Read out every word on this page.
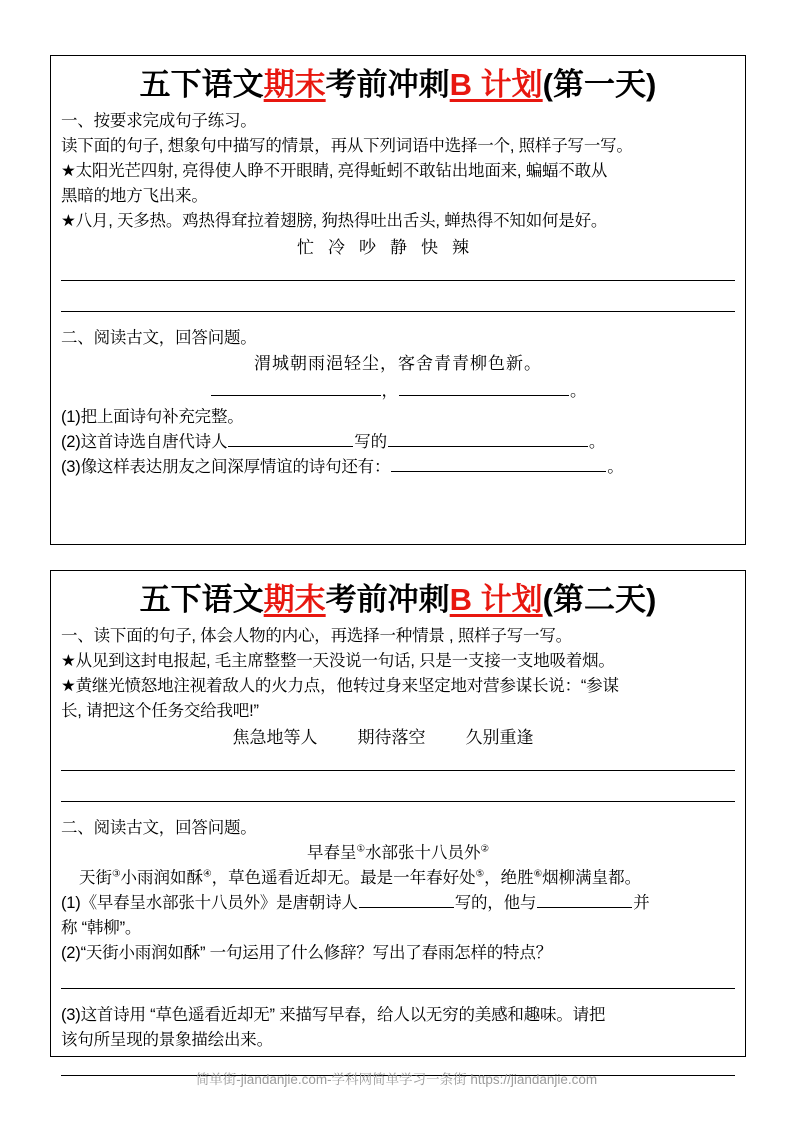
五下语文期末考前冲刺B 计划(第一天)
一、按要求完成句子练习。
读下面的句子, 想象句中描写的情景，再从下列词语中选择一个, 照样子写一写。
★太阳光芒四射, 亮得使人睁不开眼睛, 亮得蚯蚓不敢钻出地面来, 蝙蝠不敢从
黑暗的地方飞出来。
★八月, 天多热。鸡热得耷拉着翅膀, 狗热得吐出舌头, 蝉热得不知如何是好。
忙 冷 吵 静 快 辣
二、阅读古文，回答问题。
渭城朝雨浥轻尘，客舍青青柳色新。
，	。
(1)把上面诗句补充完整。
(2)这首诗选自唐代诗人	写的	。
(3)像这样表达朋友之间深厚情谊的诗句还有：	。
五下语文期末考前冲刺B 计划(第二天)
一、读下面的句子, 体会人物的内心，再选择一种情景 , 照样子写一写。
★从见到这封电报起, 毛主席整整一天没说一句话, 只是一支接一支地吸着烟。
★黄继光愤怒地注视着敌人的火力点，他转过身来坚定地对营参谋长说：“参谋
长, 请把这个任务交给我吧!”
焦急地等人 期待落空 久别重逢
二、阅读古文，回答问题。
早春呈①水部张十八员外②
天街③小雨润如酥④，草色遥看近却无。最是一年春好处⑤，绝胜⑥烟柳满皇都。
(1)《早春呈水部张十八员外》是唐朝诗人	写的，他与	并
称 “韩柳”。
(2)“天街小雨润如酥” 一句运用了什么修辞？写出了春雨怎样的特点？
(3)这首诗用 “草色遥看近却无” 来描写早春，给人以无穷的美感和趣味。请把
该句所呈现的景象描绘出来。
简单街-jiandanjie.com-学科网简单学习一条街 https://jiandanjie.com
